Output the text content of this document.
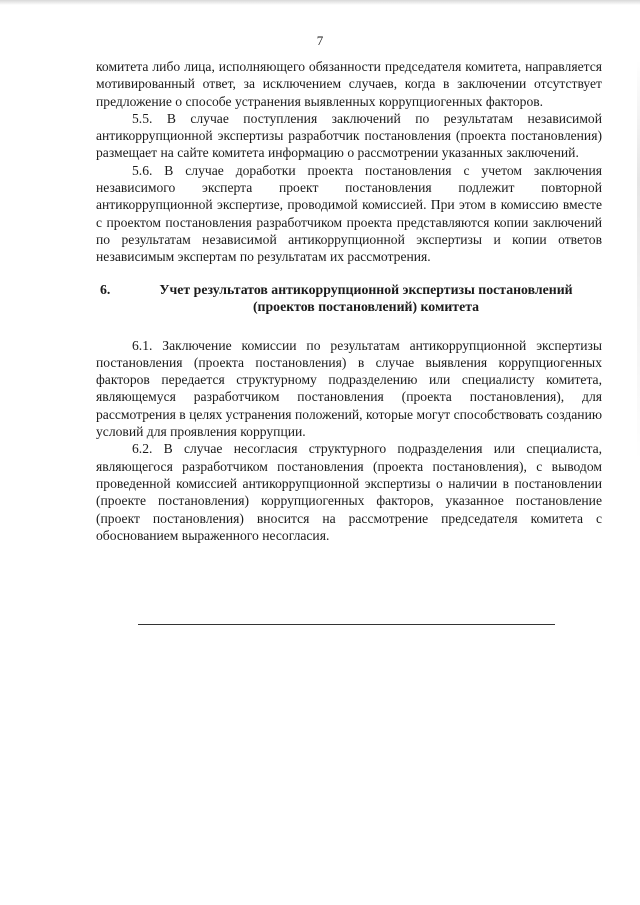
7

комитета либо лица, исполняющего обязанности председателя комитета, направляется мотивированный ответ, за исключением случаев, когда в заключении отсутствует предложение о способе устранения выявленных коррупциогенных факторов.

5.5. В случае поступления заключений по результатам независимой антикоррупционной экспертизы разработчик постановления (проекта постановления) размещает на сайте комитета информацию о рассмотрении указанных заключений.

5.6. В случае доработки проекта постановления с учетом заключения независимого эксперта проект постановления подлежит повторной антикоррупционной экспертизе, проводимой комиссией. При этом в комиссию вместе с проектом постановления разработчиком проекта представляются копии заключений по результатам независимой антикоррупционной экспертизы и копии ответов независимым экспертам по результатам их рассмотрения.

6.	Учет результатов антикоррупционной экспертизы постановлений (проектов постановлений) комитета

6.1. Заключение комиссии по результатам антикоррупционной экспертизы постановления (проекта постановления) в случае выявления коррупциогенных факторов передается структурному подразделению или специалисту комитета, являющемуся разработчиком постановления (проекта постановления), для рассмотрения в целях устранения положений, которые могут способствовать созданию условий для проявления коррупции.

6.2. В случае несогласия структурного подразделения или специалиста, являющегося разработчиком постановления (проекта постановления), с выводом проведенной комиссией антикоррупционной экспертизы о наличии в постановлении (проекте постановления) коррупциогенных факторов, указанное постановление (проект постановления) вносится на рассмотрение председателя комитета с обоснованием выраженного несогласия.
